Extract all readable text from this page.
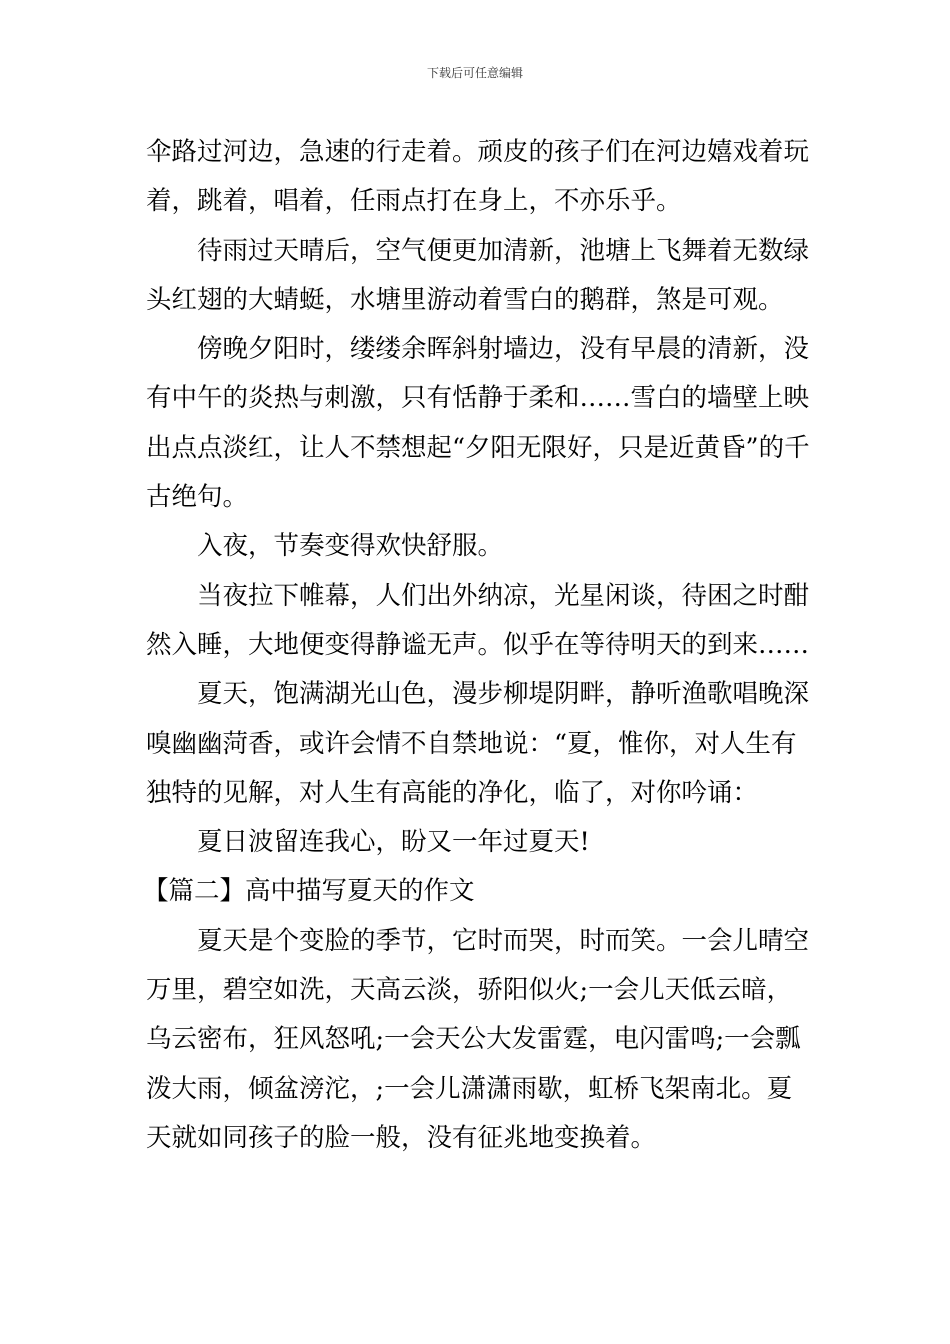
下载后可任意编辑

伞路过河边，急速的行走着。顽皮的孩子们在河边嬉戏着玩着，跳着，唱着，任雨点打在身上，不亦乐乎。

待雨过天晴后，空气便更加清新，池塘上飞舞着无数绿头红翅的大蜻蜓，水塘里游动着雪白的鹅群，煞是可观。

傍晚夕阳时，缕缕余晖斜射墙边，没有早晨的清新，没有中午的炎热与刺激，只有恬静于柔和……雪白的墙壁上映出点点淡红，让人不禁想起“夕阳无限好，只是近黄昏”的千古绝句。

入夜，节奏变得欢快舒服。

当夜拉下帷幕，人们出外纳凉，光星闲谈，待困之时酣然入睡，大地便变得静谧无声。似乎在等待明天的到来……

夏天，饱满湖光山色，漫步柳堤阴畔，静听渔歌唱晚深嗅幽幽菏香，或许会情不自禁地说：“夏，惟你，对人生有独特的见解，对人生有高能的净化，临了，对你吟诵：

夏日波留连我心，盼又一年过夏天!

【篇二】高中描写夏天的作文

夏天是个变脸的季节，它时而哭，时而笑。一会儿晴空万里，碧空如洗，天高云淡，骄阳似火;一会儿天低云暗，乌云密布，狂风怒吼;一会天公大发雷霆，电闪雷鸣;一会瓢泼大雨，倾盆滂沱，;一会儿潇潇雨歇，虹桥飞架南北。夏天就如同孩子的脸一般，没有征兆地变换着。
